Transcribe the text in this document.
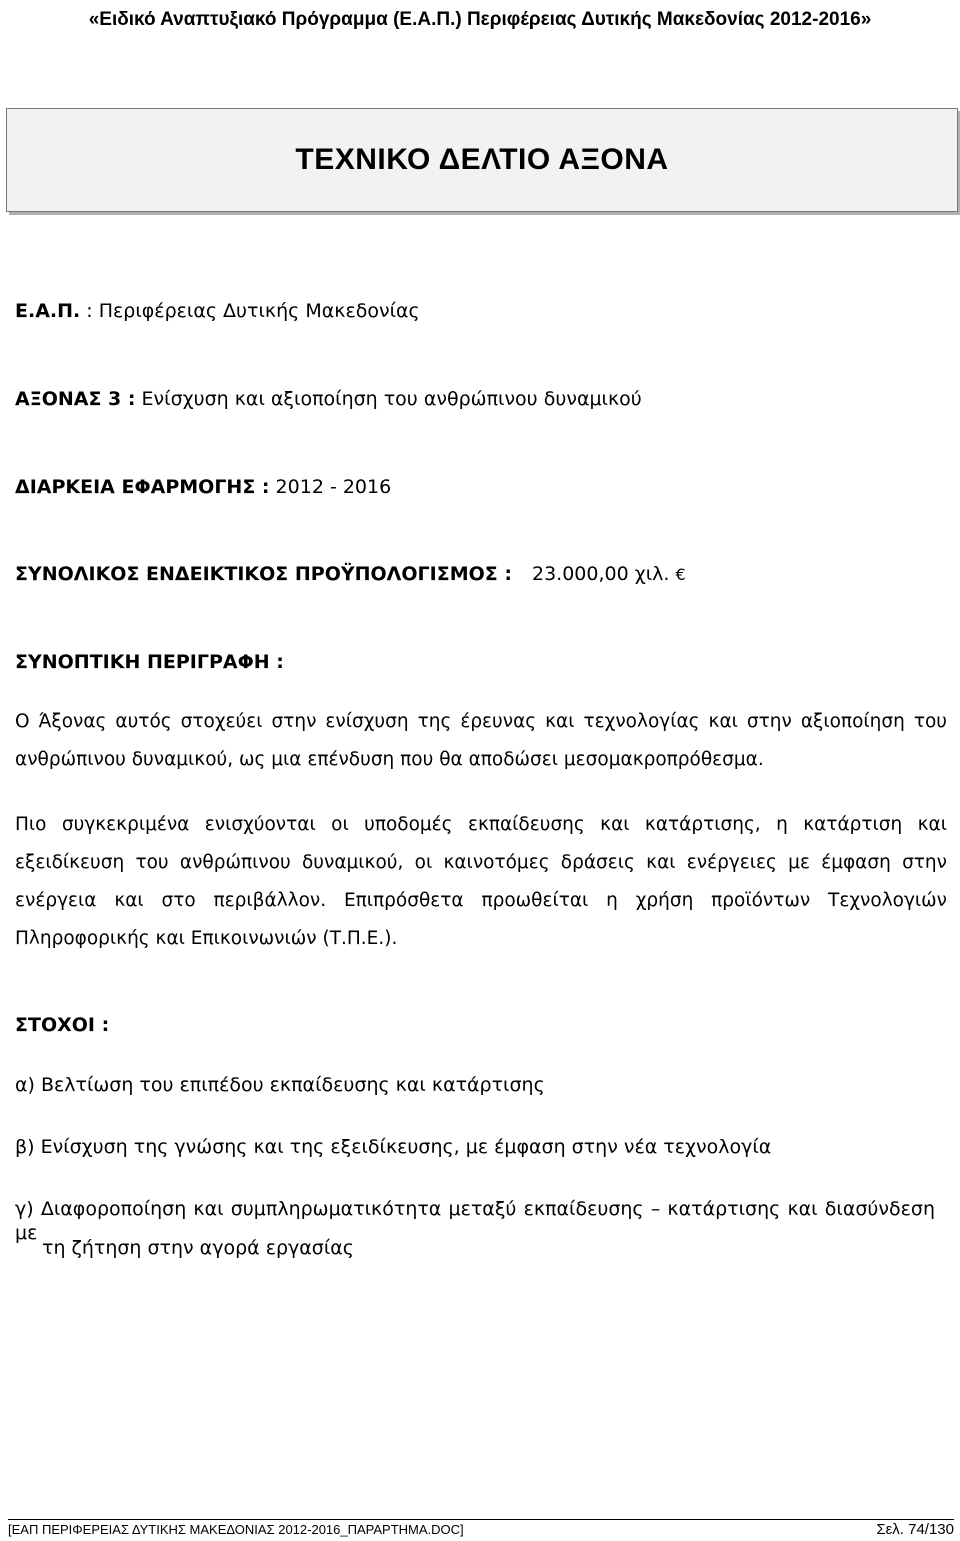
«Ειδικό Αναπτυξιακό Πρόγραμμα (Ε.Α.Π.) Περιφέρειας Δυτικής Μακεδονίας 2012-2016»
ΤΕΧΝΙΚΟ ΔΕΛΤΙΟ ΑΞΟΝΑ
Ε.Α.Π. : Περιφέρειας Δυτικής Μακεδονίας
ΑΞΟΝΑΣ 3 : Ενίσχυση και αξιοποίηση του ανθρώπινου δυναμικού
ΔΙΑΡΚΕΙΑ ΕΦΑΡΜΟΓΗΣ : 2012 - 2016
ΣΥΝΟΛΙΚΟΣ ΕΝΔΕΙΚΤΙΚΟΣ ΠΡΟΫΠΟΛΟΓΙΣΜΟΣ : 23.000,00 χιλ. €
ΣΥΝΟΠΤΙΚΗ ΠΕΡΙΓΡΑΦΗ :
Ο Άξονας αυτός στοχεύει στην ενίσχυση της έρευνας και τεχνολογίας και στην αξιοποίηση του ανθρώπινου δυναμικού, ως μια επένδυση που θα αποδώσει μεσομακροπρόθεσμα.
Πιο συγκεκριμένα ενισχύονται οι υποδομές εκπαίδευσης και κατάρτισης, η κατάρτιση και εξειδίκευση του ανθρώπινου δυναμικού, οι καινοτόμες δράσεις και ενέργειες με έμφαση στην ενέργεια και στο περιβάλλον. Επιπρόσθετα προωθείται η χρήση προϊόντων Τεχνολογιών Πληροφορικής και Επικοινωνιών (Τ.Π.Ε.).
ΣΤΟΧΟΙ :
α) Βελτίωση του επιπέδου εκπαίδευσης και κατάρτισης
β) Ενίσχυση της γνώσης και της εξειδίκευσης, με έμφαση στην νέα τεχνολογία
γ) Διαφοροποίηση και συμπληρωματικότητα μεταξύ εκπαίδευσης – κατάρτισης και διασύνδεση με
τη ζήτηση στην αγορά εργασίας
[ΕΑΠ ΠΕΡΙΦΕΡΕΙΑΣ ΔΥΤΙΚΗΣ ΜΑΚΕΔΟΝΙΑΣ 2012-2016_ΠΑΡΑΡΤΗΜΑ.DOC]	Σελ. 74/130
